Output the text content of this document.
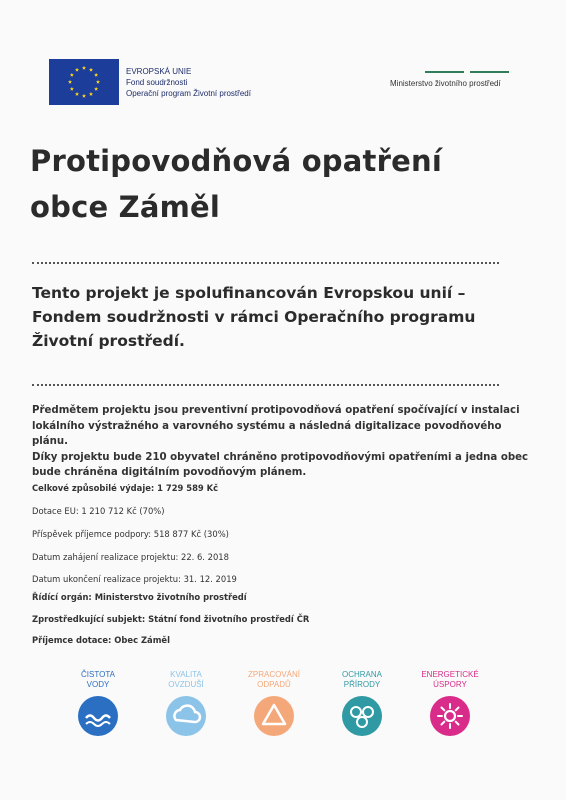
EVROPSKÁ UNIE
Fond soudržnosti
Operační program Životní prostředí
Ministerstvo životního prostředí
Protipovodňová opatření
obce Záměl
Tento projekt je spolufinancován Evropskou unií –
Fondem soudržnosti v rámci Operačního programu
Životní prostředí.
Předmětem projektu jsou preventivní protipovodňová opatření spočívající v instalaci
lokálního výstražného a varovného systému a následná digitalizace povodňového plánu.
Díky projektu bude 210 obyvatel chráněno protipovodňovými opatřeními a jedna obec
bude chráněna digitálním povodňovým plánem.
Celkové způsobilé výdaje: 1 729 589 Kč
Dotace EU: 1 210 712 Kč (70%)
Příspěvek příjemce podpory: 518 877 Kč (30%)
Datum zahájení realizace projektu: 22. 6. 2018
Datum ukončení realizace projektu: 31. 12. 2019
Řídící orgán: Ministerstvo životního prostředí
Zprostředkující subjekt: Státní fond životního prostředí ČR
Příjemce dotace: Obec Záměl
ČISTOTA
VODY
KVALITA
OVZDUŠÍ
ZPRACOVÁNÍ
ODPADŮ
OCHRANA
PŘÍRODY
ENERGETICKÉ
ÚSPORY
